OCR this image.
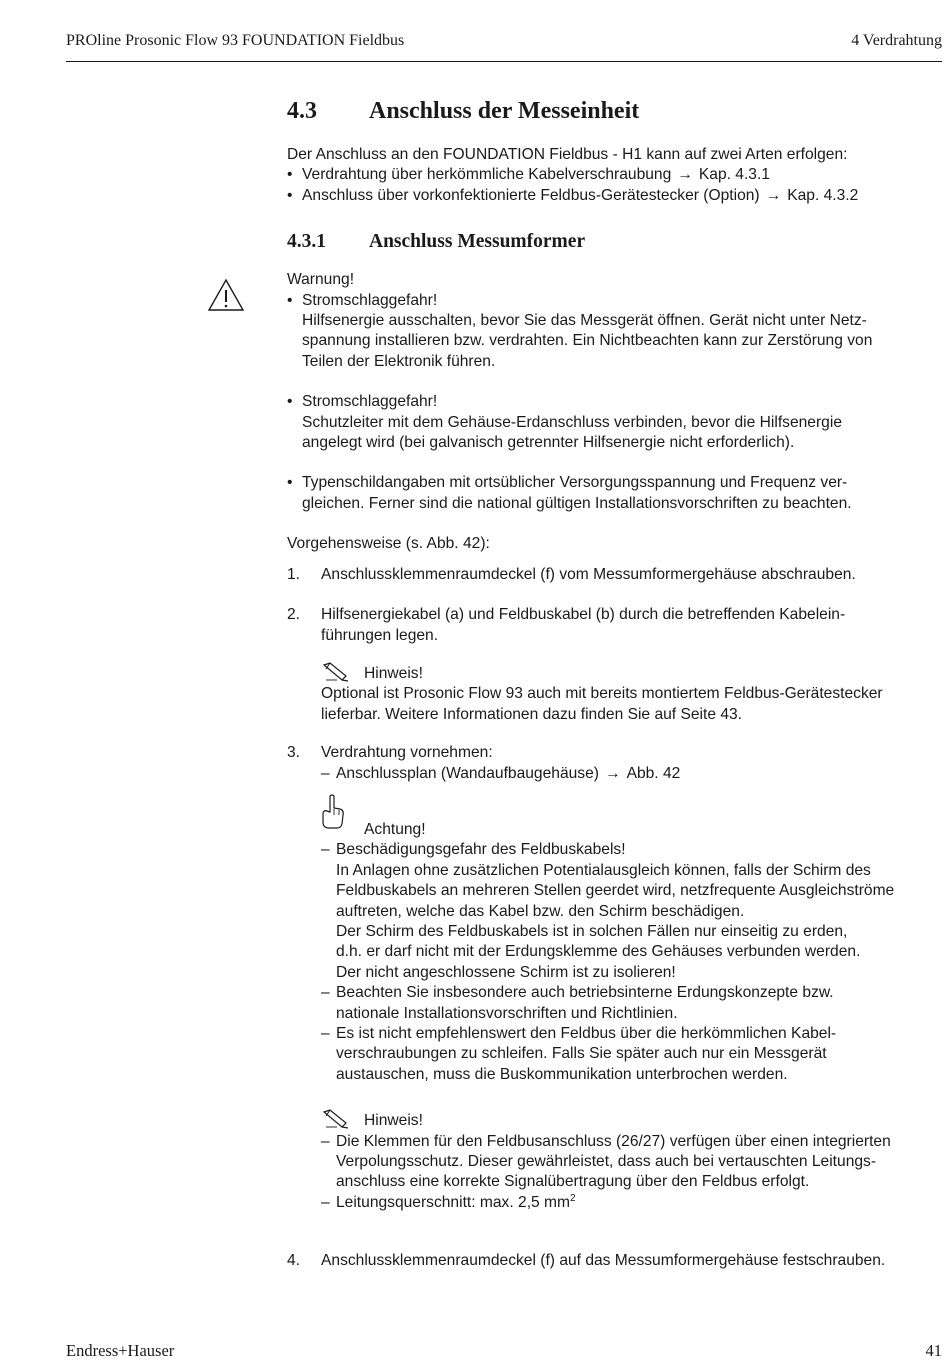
PROline Prosonic Flow 93 FOUNDATION Fieldbus	4 Verdrahtung
4.3 Anschluss der Messeinheit

Der Anschluss an den FOUNDATION Fieldbus - H1 kann auf zwei Arten erfolgen:

• Verdrahtung über herkömmliche Kabelverschraubung → Kap. 4.3.1

• Anschluss über vorkonfektionierte Feldbus-Gerätestecker (Option) → Kap. 4.3.2

4.3.1 Anschluss Messumformer

Warnung!

• Stromschlaggefahr!
Hilfsenergie ausschalten, bevor Sie das Messgerät öffnen. Gerät nicht unter Netz-
spannung installieren bzw. verdrahten. Ein Nichtbeachten kann zur Zerstörung von
Teilen der Elektronik führen.
• Stromschlaggefahr!
Schutzleiter mit dem Gehäuse-Erdanschluss verbinden, bevor die Hilfsenergie
angelegt wird (bei galvanisch getrennter Hilfsenergie nicht erforderlich).
• Typenschildangaben mit ortsüblicher Versorgungsspannung und Frequenz ver-
gleichen. Ferner sind die national gültigen Installationsvorschriften zu beachten.

Vorgehensweise (s. Abb. 42):

1. Anschlussklemmenraumdeckel (f) vom Messumformergehäuse abschrauben.
2. Hilfsenergiekabel (a) und Feldbuskabel (b) durch die betreffenden Kabelein-
führungen legen.
Hinweis!
Optional ist Prosonic Flow 93 auch mit bereits montiertem Feldbus-Gerätestecker
lieferbar. Weitere Informationen dazu finden Sie auf Seite 43.
3. Verdrahtung vornehmen:
– Anschlussplan (Wandaufbaugehäuse) → Abb. 42
Achtung!
– Beschädigungsgefahr des Feldbuskabels!
In Anlagen ohne zusätzlichen Potentialausgleich können, falls der Schirm des
Feldbuskabels an mehreren Stellen geerdet wird, netzfrequente Ausgleichströme
auftreten, welche das Kabel bzw. den Schirm beschädigen.
Der Schirm des Feldbuskabels ist in solchen Fällen nur einseitig zu erden,
d.h. er darf nicht mit der Erdungsklemme des Gehäuses verbunden werden.
Der nicht angeschlossene Schirm ist zu isolieren!
– Beachten Sie insbesondere auch betriebsinterne Erdungskonzepte bzw.
nationale Installationsvorschriften und Richtlinien.
– Es ist nicht empfehlenswert den Feldbus über die herkömmlichen Kabel-
verschraubungen zu schleifen. Falls Sie später auch nur ein Messgerät
austauschen, muss die Buskommunikation unterbrochen werden.
Hinweis!
– Die Klemmen für den Feldbusanschluss (26/27) verfügen über einen integrierten
Verpolungsschutz. Dieser gewährleistet, dass auch bei vertauschten Leitungs-
anschluss eine korrekte Signalübertragung über den Feldbus erfolgt.
– Leitungsquerschnitt: max. 2,5 $mm^2$
4. Anschlussklemmenraumdeckel (f) auf das Messumformergehäuse festschrauben.
Endress+Hauser	41
